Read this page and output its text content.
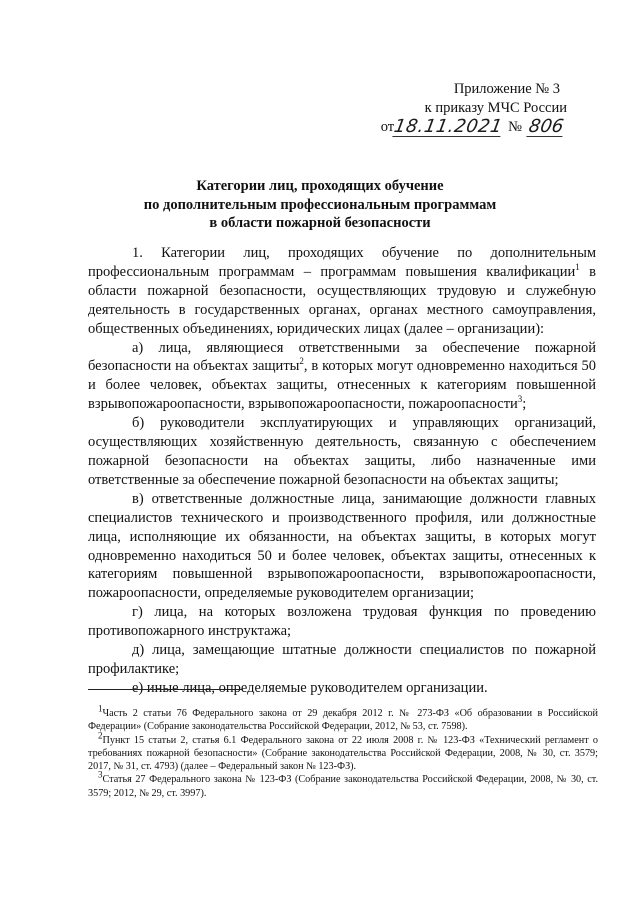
Приложение № 3
к приказу МЧС России
от
18.11.2021 № 806
Категории лиц, проходящих обучение
по дополнительным профессиональным программам
в области пожарной безопасности

1. Категории лиц, проходящих обучение по дополнительным профессиональным программам – программам повышения квалификации$^1$ в области пожарной безопасности, осуществляющих трудовую и служебную деятельность в государственных органах, органах местного самоуправления, общественных объединениях, юридических лицах (далее – организации):

а) лица, являющиеся ответственными за обеспечение пожарной безопасности на объектах защиты$^2$, в которых могут одновременно находиться 50 и более человек, объектах защиты, отнесенных к категориям повышенной взрывопожароопасности, взрывопожароопасности, пожароопасности$^3$;

б) руководители эксплуатирующих и управляющих организаций, осуществляющих хозяйственную деятельность, связанную с обеспечением пожарной безопасности на объектах защиты, либо назначенные ими ответственные за обеспечение пожарной безопасности на объектах защиты;

в) ответственные должностные лица, занимающие должности главных специалистов технического и производственного профиля, или должностные лица, исполняющие их обязанности, на объектах защиты, в которых могут одновременно находиться 50 и более человек, объектах защиты, отнесенных к категориям повышенной взрывопожароопасности, взрывопожароопасности, пожароопасности, определяемые руководителем организации;

г) лица, на которых возложена трудовая функция по проведению противопожарного инструктажа;

д) лица, замещающие штатные должности специалистов по пожарной профилактике;

е) иные лица, определяемые руководителем организации.

$^1$Часть 2 статьи 76 Федерального закона от 29 декабря 2012 г. № 273-ФЗ «Об образовании в Российской Федерации» (Собрание законодательства Российской Федерации, 2012, № 53, ст. 7598).

$^2$Пункт 15 статьи 2, статья 6.1 Федерального закона от 22 июля 2008 г. № 123-ФЗ «Технический регламент о требованиях пожарной безопасности» (Собрание законодательства Российской Федерации, 2008, № 30, ст. 3579; 2017, № 31, ст. 4793) (далее – Федеральный закон № 123-ФЗ).

$^3$Статья 27 Федерального закона № 123-ФЗ (Собрание законодательства Российской Федерации, 2008, № 30, ст. 3579; 2012, № 29, ст. 3997).
